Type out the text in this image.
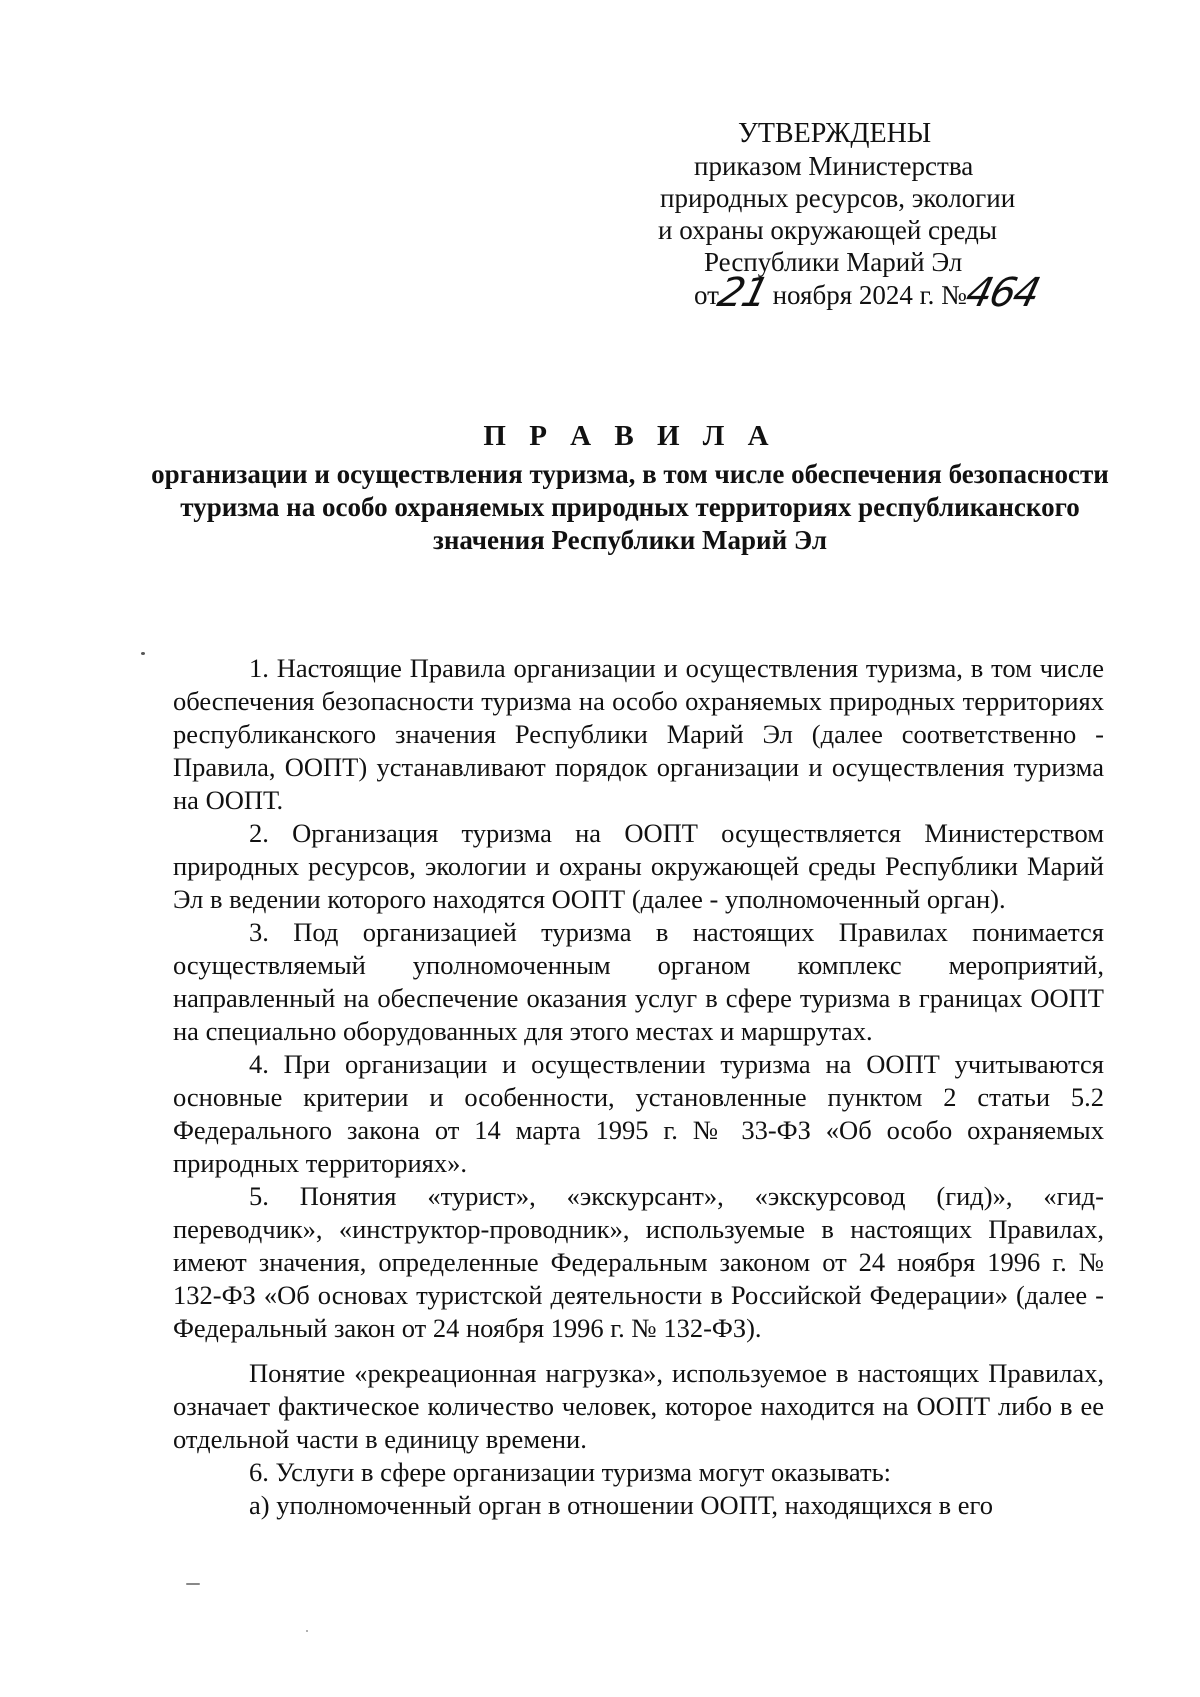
УТВЕРЖДЕНЫ
приказом Министерства
природных ресурсов, экологии
и охраны окружающей среды
Республики Марий Эл
от21 ноября 2024 г. №464
П Р А В И Л А
организации и осуществления туризма, в том числе обеспечения безопасности туризма на особо охраняемых природных территориях республиканского значения Республики Марий Эл

1. Настоящие Правила организации и осуществления туризма, в том числе обеспечения безопасности туризма на особо охраняемых природных территориях республиканского значения Республики Марий Эл (далее соответственно - Правила, ООПТ) устанавливают порядок организации и осуществления туризма на ООПТ.

2. Организация туризма на ООПТ осуществляется Министерством природных ресурсов, экологии и охраны окружающей среды Республики Марий Эл в ведении которого находятся ООПТ (далее - уполномоченный орган).

3. Под организацией туризма в настоящих Правилах понимается осуществляемый уполномоченным органом комплекс мероприятий, направленный на обеспечение оказания услуг в сфере туризма в границах ООПТ на специально оборудованных для этого местах и маршрутах.

4. При организации и осуществлении туризма на ООПТ учитываются основные критерии и особенности, установленные пунктом 2 статьи 5.2 Федерального закона от 14 марта 1995 г. № 33-ФЗ «Об особо охраняемых природных территориях».

5. Понятия «турист», «экскурсант», «экскурсовод (гид)», «гид-переводчик», «инструктор-проводник», используемые в настоящих Правилах, имеют значения, определенные Федеральным законом от 24 ноября 1996 г. № 132-ФЗ «Об основах туристской деятельности в Российской Федерации» (далее - Федеральный закон от 24 ноября 1996 г. № 132-ФЗ).

Понятие «рекреационная нагрузка», используемое в настоящих Правилах, означает фактическое количество человек, которое находится на ООПТ либо в ее отдельной части в единицу времени.

6. Услуги в сфере организации туризма могут оказывать:

а) уполномоченный орган в отношении ООПТ, находящихся в его
